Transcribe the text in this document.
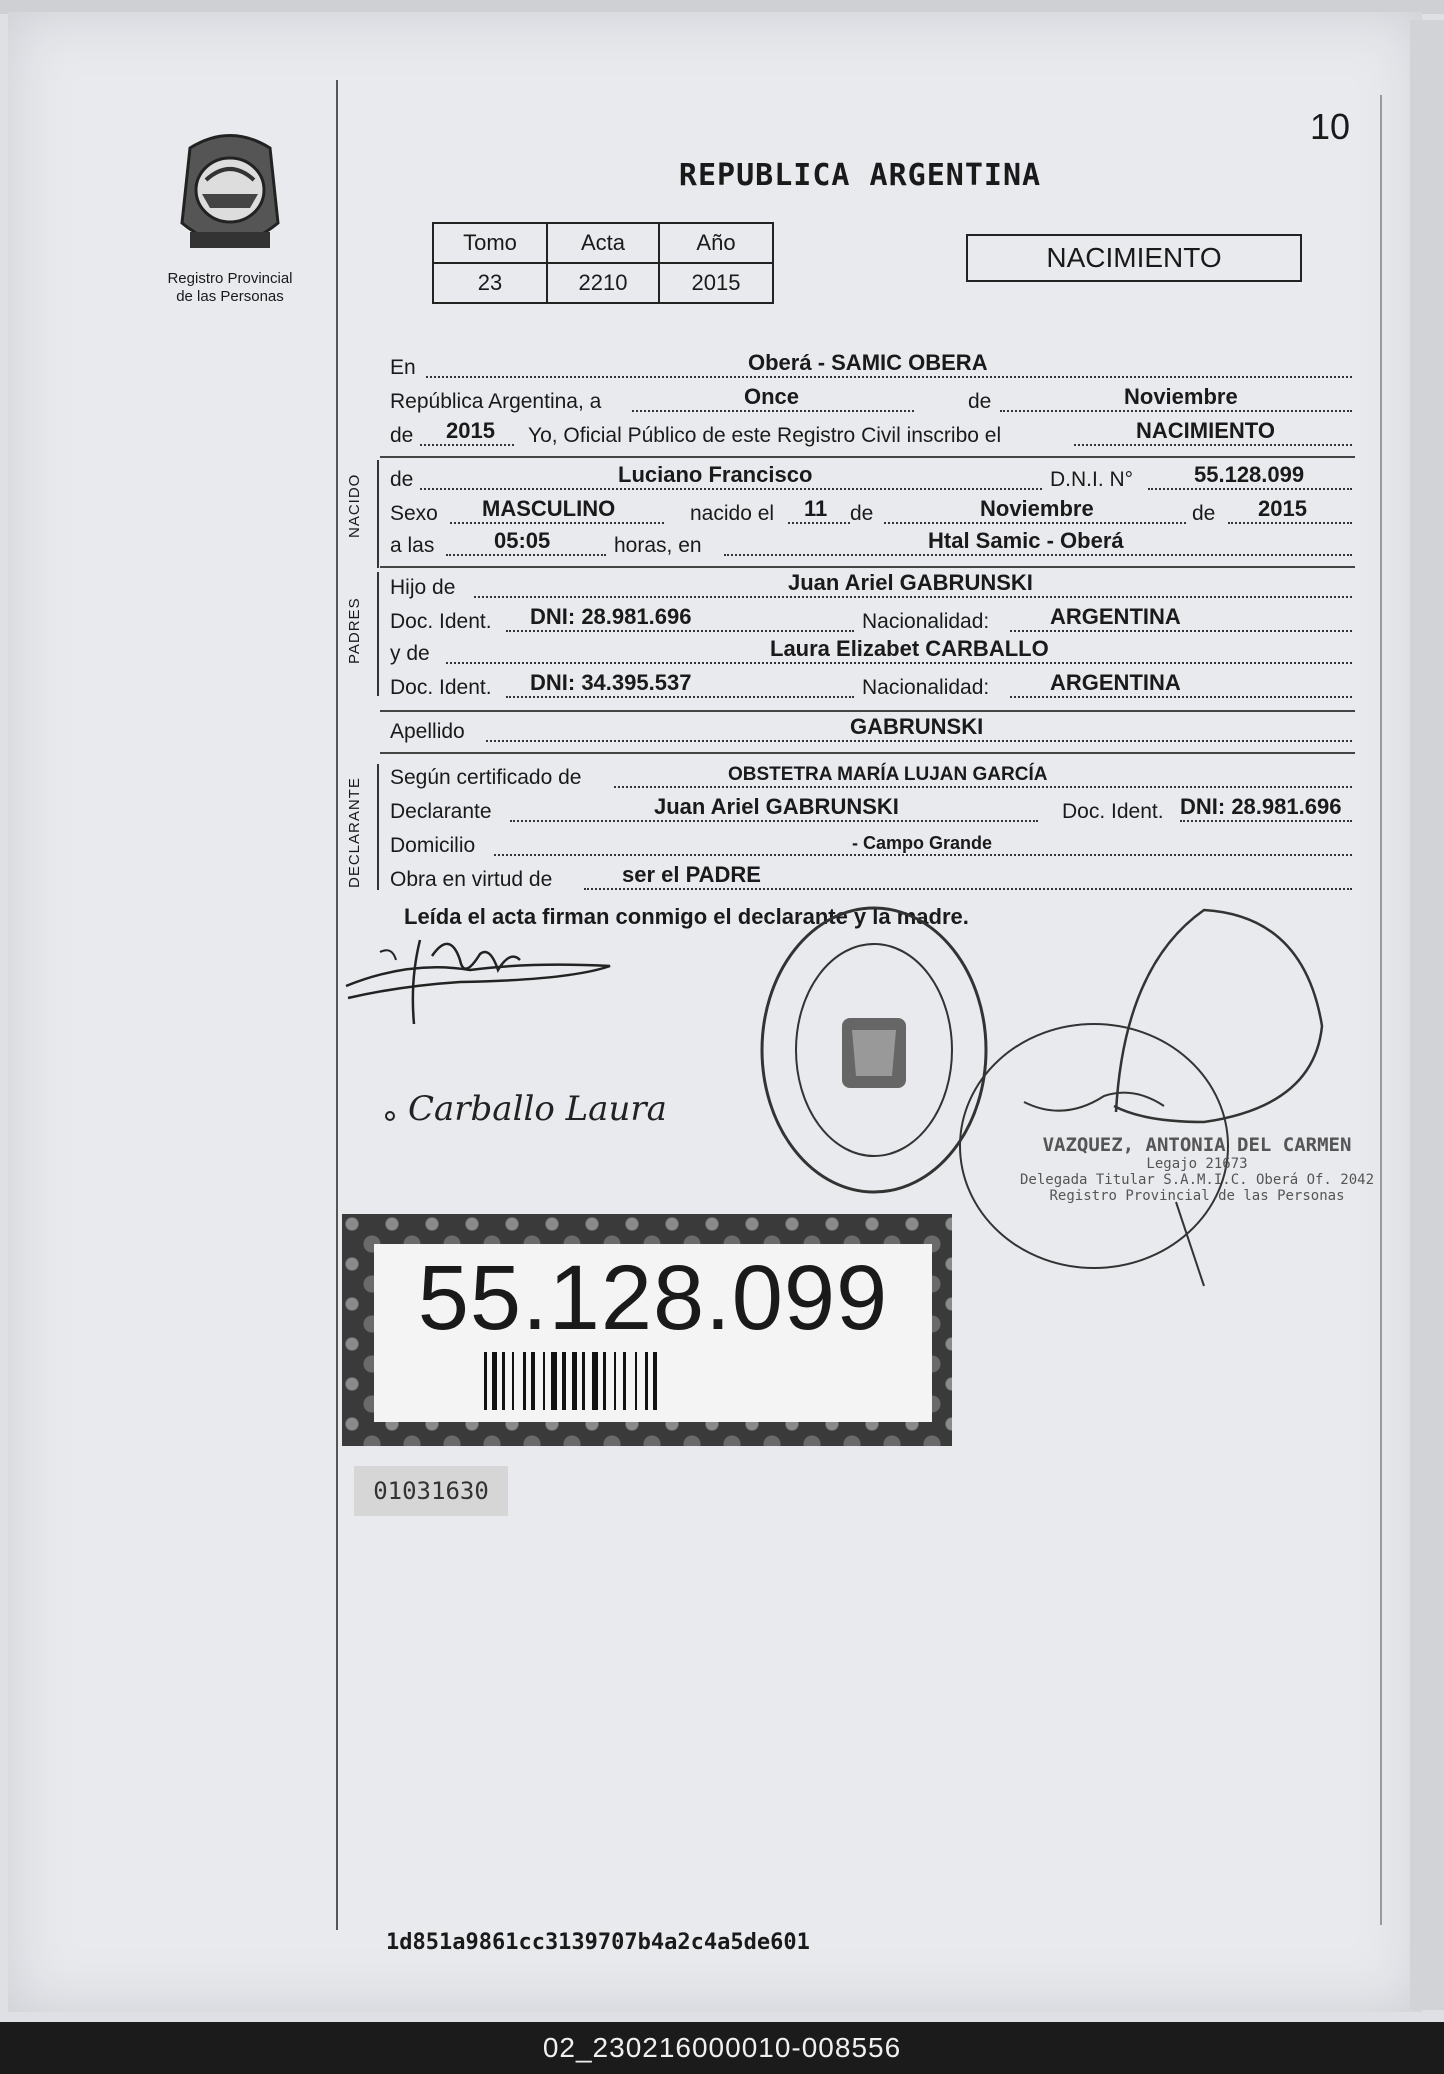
10
Registro Provincial
de las Personas
REPUBLICA ARGENTINA
Tomo	Acta	Año
23	2210	2015
NACIMIENTO
En	Oberá - SAMIC OBERA
República Argentina, a	Once	de	Noviembre
de 2015 Yo, Oficial Público de este Registro Civil inscribo el	NACIMIENTO
NACIDO de	Luciano Francisco	D.N.I. N°	55.128.099
Sexo MASCULINO	nacido el 11 de	Noviembre	de 2015
a las	05:05	horas, en	Htal Samic - Oberá
PADRES
Hijo de	Juan Ariel GABRUNSKI
Doc. Ident. DNI: 28.981.696	Nacionalidad:	ARGENTINA
y de	Laura Elizabet CARBALLO
Doc. Ident. DNI: 34.395.537	Nacionalidad:	ARGENTINA
Apellido	GABRUNSKI
DECLARANTE Según certificado de	OBSTETRA MARÍA LUJAN GARCÍA
Declarante	Juan Ariel GABRUNSKI	Doc. Ident. DNI: 28.981.696
Domicilio	- Campo Grande
Obra en virtud de	ser el PADRE
Leída el acta firman conmigo el declarante y la madre.
Carballo Laura
VAZQUEZ, ANTONIA DEL CARMEN
Legajo 21673
Delegada Titular S.A.M.I.C. Oberá Of. 2042
Registro Provincial de las Personas
55.128.099
01031630
1d851a9861cc3139707b4a2c4a5de601
02_230216000010-008556
